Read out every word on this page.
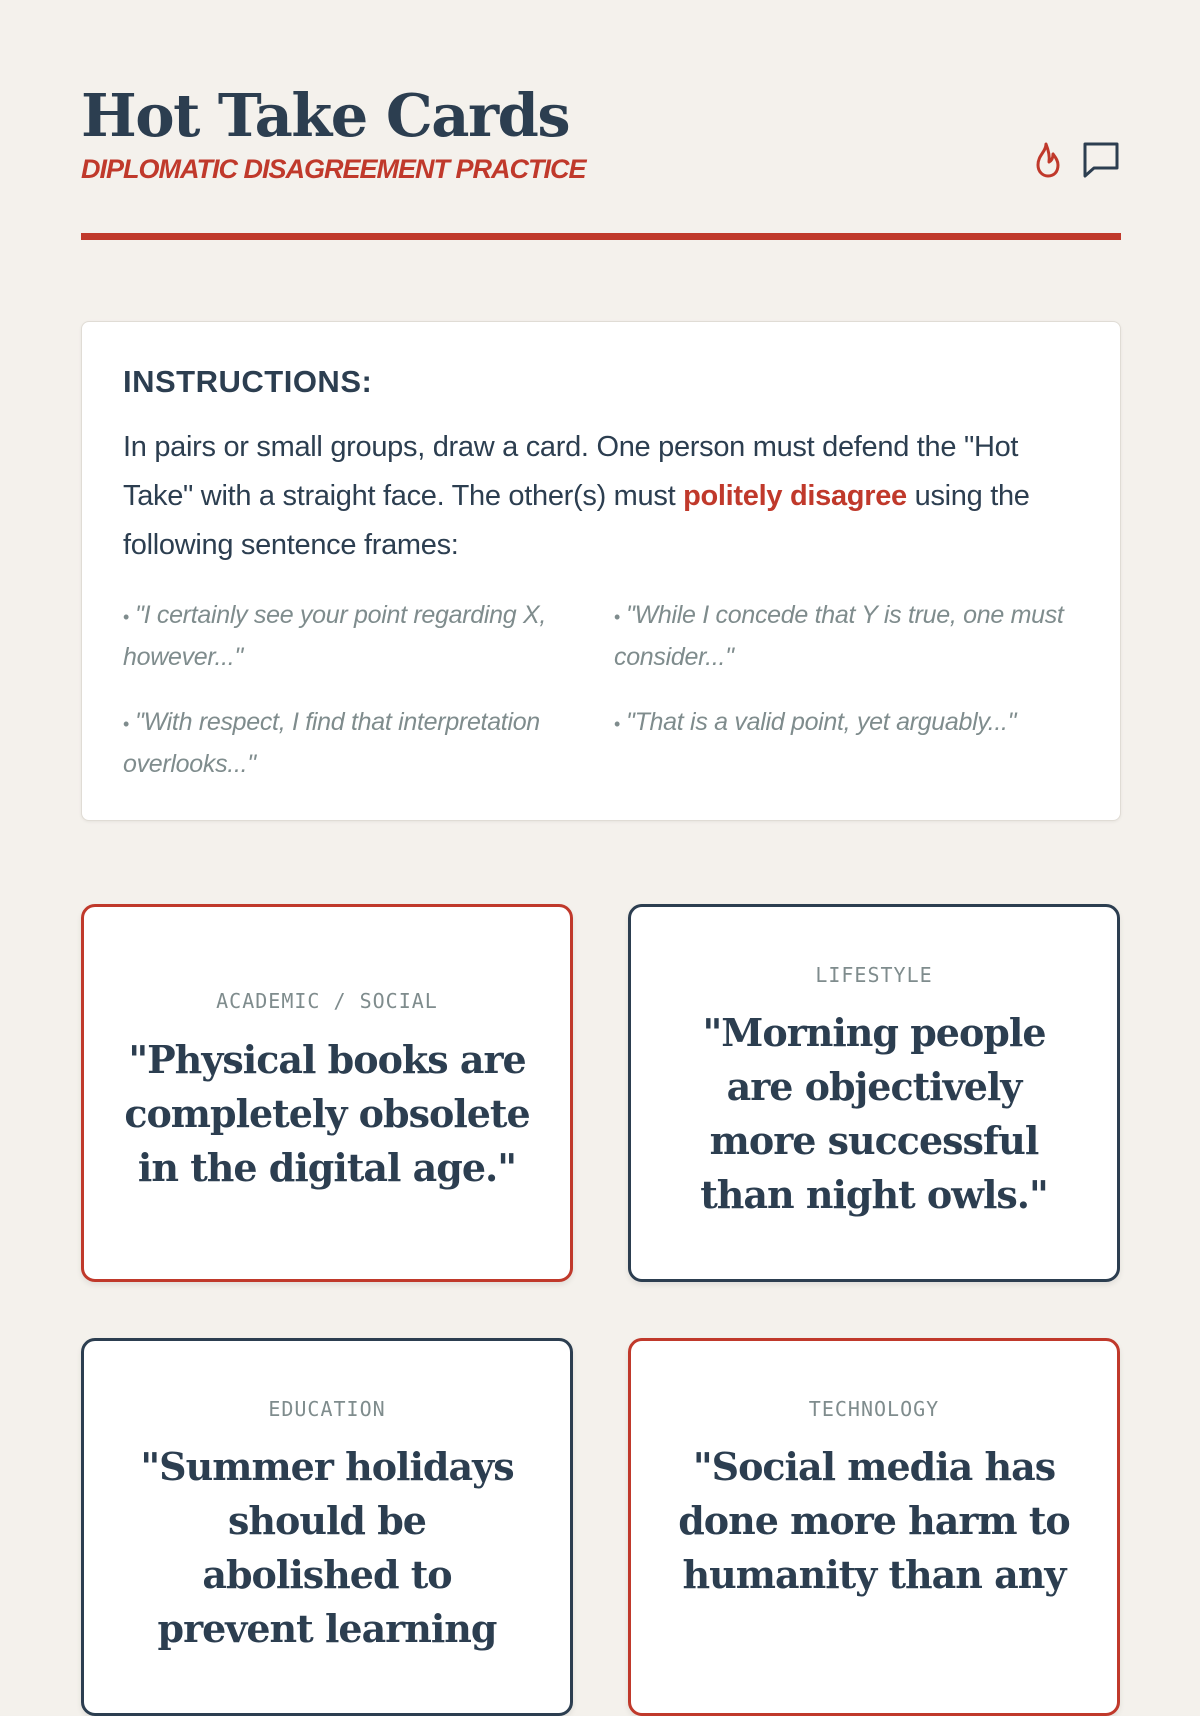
Hot Take Cards
DIPLOMATIC DISAGREEMENT PRACTICE
INSTRUCTIONS:

In pairs or small groups, draw a card. One person must defend the "Hot Take" with a straight face. The other(s) must politely disagree using the following sentence frames:

• "I certainly see your point regarding X, however..."
• "While I concede that Y is true, one must consider..."
• "With respect, I find that interpretation overlooks..."
• "That is a valid point, yet arguably..."
ACADEMIC / SOCIAL
"Physical books are completely obsolete in the digital age."
LIFESTYLE
"Morning people are objectively more successful than night owls."
EDUCATION
"Summer holidays should be abolished to prevent learning
TECHNOLOGY
"Social media has done more harm to humanity than any
